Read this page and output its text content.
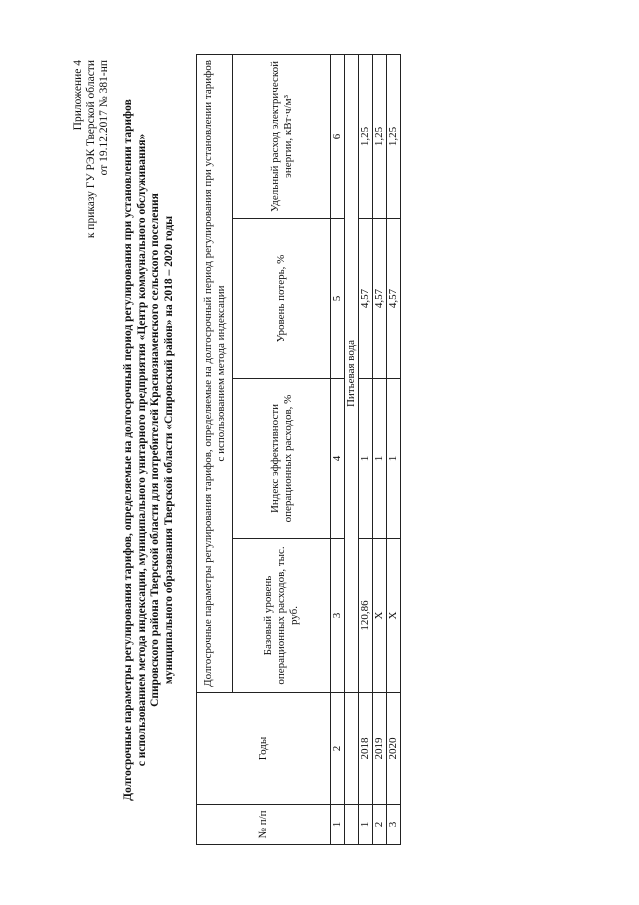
Приложение 4 к приказу ГУ РЭК Тверской области от 19.12.2017 № 381-нп Долгосрочные параметры регулирования тарифов, определяемые на долгосрочный период регулирования при установлении тарифов с использованием метода индексации, муниципального унитарного предприятия «Центр коммунального обслуживания» Спировского района Тверской области для потребителей Краснознаменского сельского поселения муниципального образования Тверской области «Спировский район» на 2018 – 2020 годы
№ п/п	Годы	Долгосрочные параметры регулирования тарифов, определяемые на долгосрочный период регулирования при установлении тарифов с использованием метода индексации			
		Базовый уровень операционных расходов, тыс. руб.	Индекс эффективности операционных расходов, %	Уровень потерь, %	Удельный расход электрической энергии, кВт·ч/м³
1	2	3	4	5	6
		Питьевая вода			
1	2018	120,86	1	4,57	1,25
2	2019	Х	1	4,57	1,25
3	2020	Х	1	4,57	1,25
